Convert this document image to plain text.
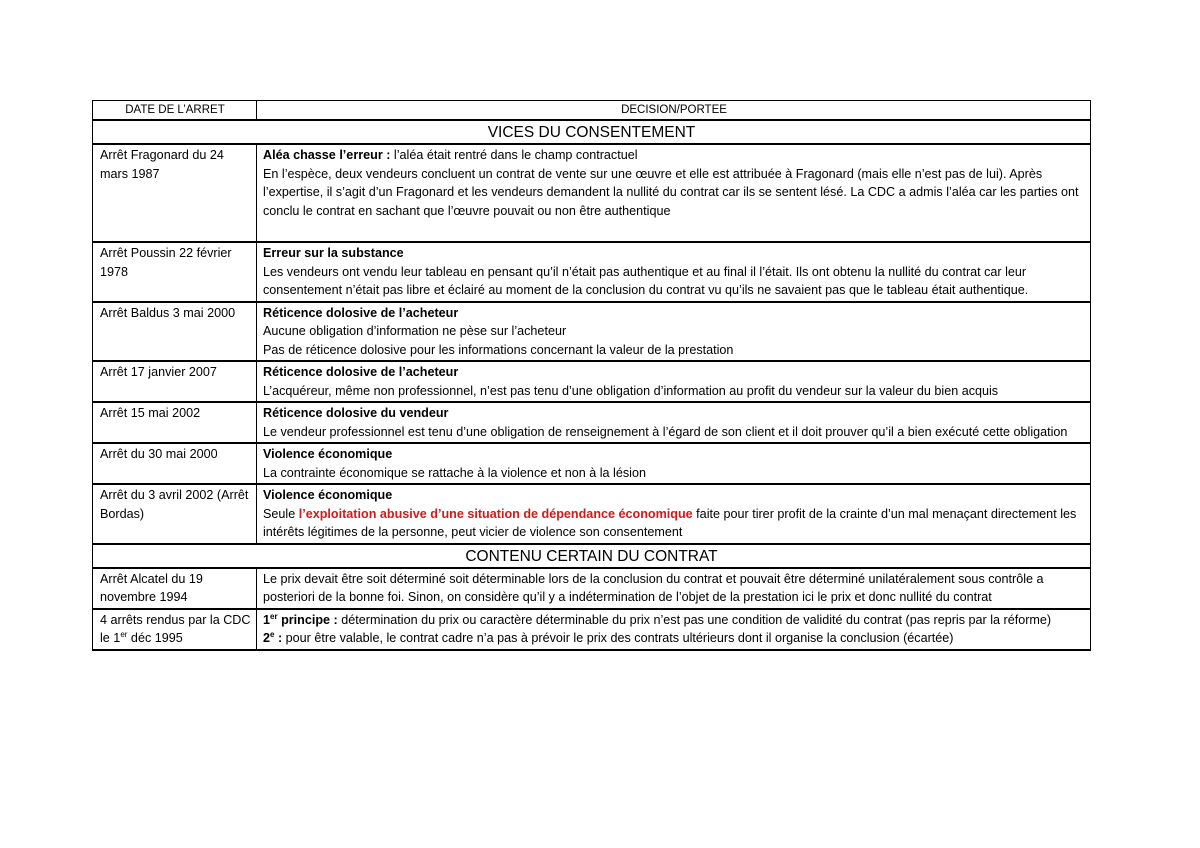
DATE DE L’ARRET	DECISION/PORTEE
VICES DU CONSENTEMENT	
Arrêt Fragonard du 24 mars 1987	Aléa chasse l’erreur : l’aléa était rentré dans le champ contractuel
En l’espèce, deux vendeurs concluent un contrat de vente sur une œuvre et elle est attribuée à Fragonard (mais elle n’est pas de lui). Après l’expertise, il s’agit d’un Fragonard et les vendeurs demandent la nullité du contrat car ils se sentent lésé. La CDC a admis l’aléa car les parties ont conclu le contrat en sachant que l’œuvre pouvait ou non être authentique

Arrêt Poussin 22 février 1978	Erreur sur la substance
Les vendeurs ont vendu leur tableau en pensant qu’il n’était pas authentique et au final il l’était. Ils ont obtenu la nullité du contrat car leur consentement n’était pas libre et éclairé au moment de la conclusion du contrat vu qu’ils ne savaient pas que le tableau était authentique.

Arrêt Baldus 3 mai 2000	Réticence dolosive de l’acheteur
Aucune obligation d’information ne pèse sur l’acheteur
Pas de réticence dolosive pour les informations concernant la valeur de la prestation

Arrêt 17 janvier 2007	Réticence dolosive de l’acheteur
L’acquéreur, même non professionnel, n’est pas tenu d’une obligation d’information au profit du vendeur sur la valeur du bien acquis

Arrêt 15 mai 2002	Réticence dolosive du vendeur
Le vendeur professionnel est tenu d’une obligation de renseignement à l’égard de son client et il doit prouver qu’il a bien exécuté cette obligation

Arrêt du 30 mai 2000	Violence économique
La contrainte économique se rattache à la violence et non à la lésion

Arrêt du 3 avril 2002 (Arrêt Bordas)	Violence économique
Seule l’exploitation abusive d’une situation de dépendance économique faite pour tirer profit de la crainte d’un mal menaçant directement les intérêts légitimes de la personne, peut vicier de violence son consentement

CONTENU CERTAIN DU CONTRAT	
Arrêt Alcatel du 19 novembre 1994	Le prix devait être soit déterminé soit déterminable lors de la conclusion du contrat et pouvait être déterminé unilatéralement sous contrôle a posteriori de la bonne foi. Sinon, on considère qu’il y a indétermination de l’objet de la prestation ici le prix et donc nullité du contrat

4 arrêts rendus par la CDC le 1er déc 1995	1er principe : détermination du prix ou caractère déterminable du prix n’est pas une condition de validité du contrat (pas repris par la réforme)
2e : pour être valable, le contrat cadre n’a pas à prévoir le prix des contrats ultérieurs dont il organise la conclusion (écartée)
